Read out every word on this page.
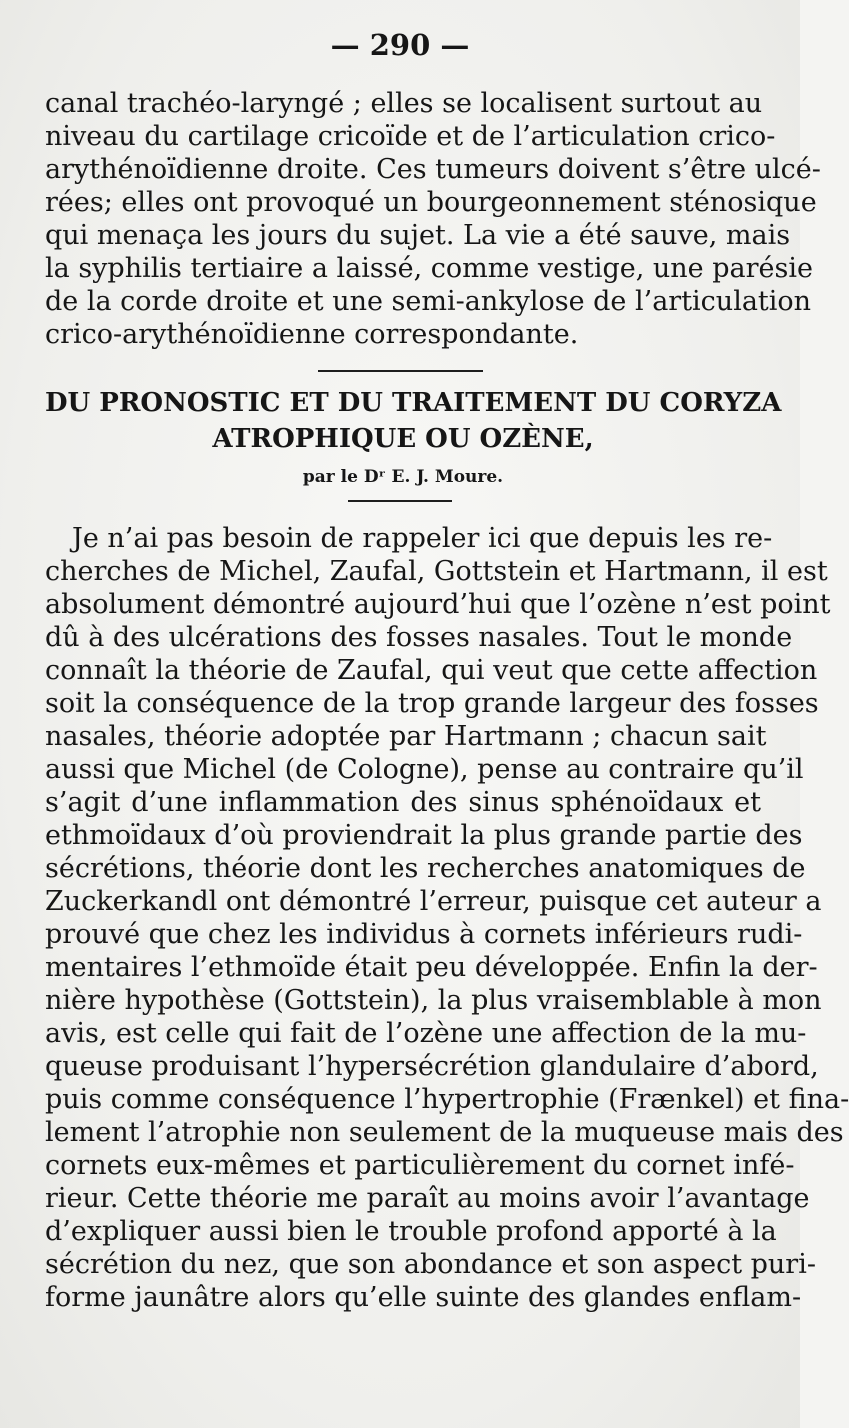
— 290 —
canal trachéo-laryngé ; elles se localisent surtout au
niveau du cartilage cricoïde et de l’articulation crico-
arythénoïdienne droite. Ces tumeurs doivent s’être ulcé-
rées; elles ont provoqué un bourgeonnement sténosique
qui menaça les jours du sujet. La vie a été sauve, mais
la syphilis tertiaire a laissé, comme vestige, une parésie
de la corde droite et une semi-ankylose de l’articulation
crico-arythénoïdienne correspondante.
DU PRONOSTIC ET DU TRAITEMENT DU CORYZA
ATROPHIQUE OU OZÈNE,
par le Dʳ E. J. Moure.
Je n’ai pas besoin de rappeler ici que depuis les re-
cherches de Michel, Zaufal, Gottstein et Hartmann, il est
absolument démontré aujourd’hui que l’ozène n’est point
dû à des ulcérations des fosses nasales. Tout le monde
connaît la théorie de Zaufal, qui veut que cette affection
soit la conséquence de la trop grande largeur des fosses
nasales, théorie adoptée par Hartmann ; chacun sait
aussi que Michel (de Cologne), pense au contraire qu’il
s’agit d’une inflammation des sinus sphénoïdaux et
ethmoïdaux d’où proviendrait la plus grande partie des
sécrétions, théorie dont les recherches anatomiques de
Zuckerkandl ont démontré l’erreur, puisque cet auteur a
prouvé que chez les individus à cornets inférieurs rudi-
mentaires l’ethmoïde était peu développée. Enfin la der-
nière hypothèse (Gottstein), la plus vraisemblable à mon
avis, est celle qui fait de l’ozène une affection de la mu-
queuse produisant l’hypersécrétion glandulaire d’abord,
puis comme conséquence l’hypertrophie (Frænkel) et fina-
lement l’atrophie non seulement de la muqueuse mais des
cornets eux-mêmes et particulièrement du cornet infé-
rieur. Cette théorie me paraît au moins avoir l’avantage
d’expliquer aussi bien le trouble profond apporté à la
sécrétion du nez, que son abondance et son aspect puri-
forme jaunâtre alors qu’elle suinte des glandes enflam-
